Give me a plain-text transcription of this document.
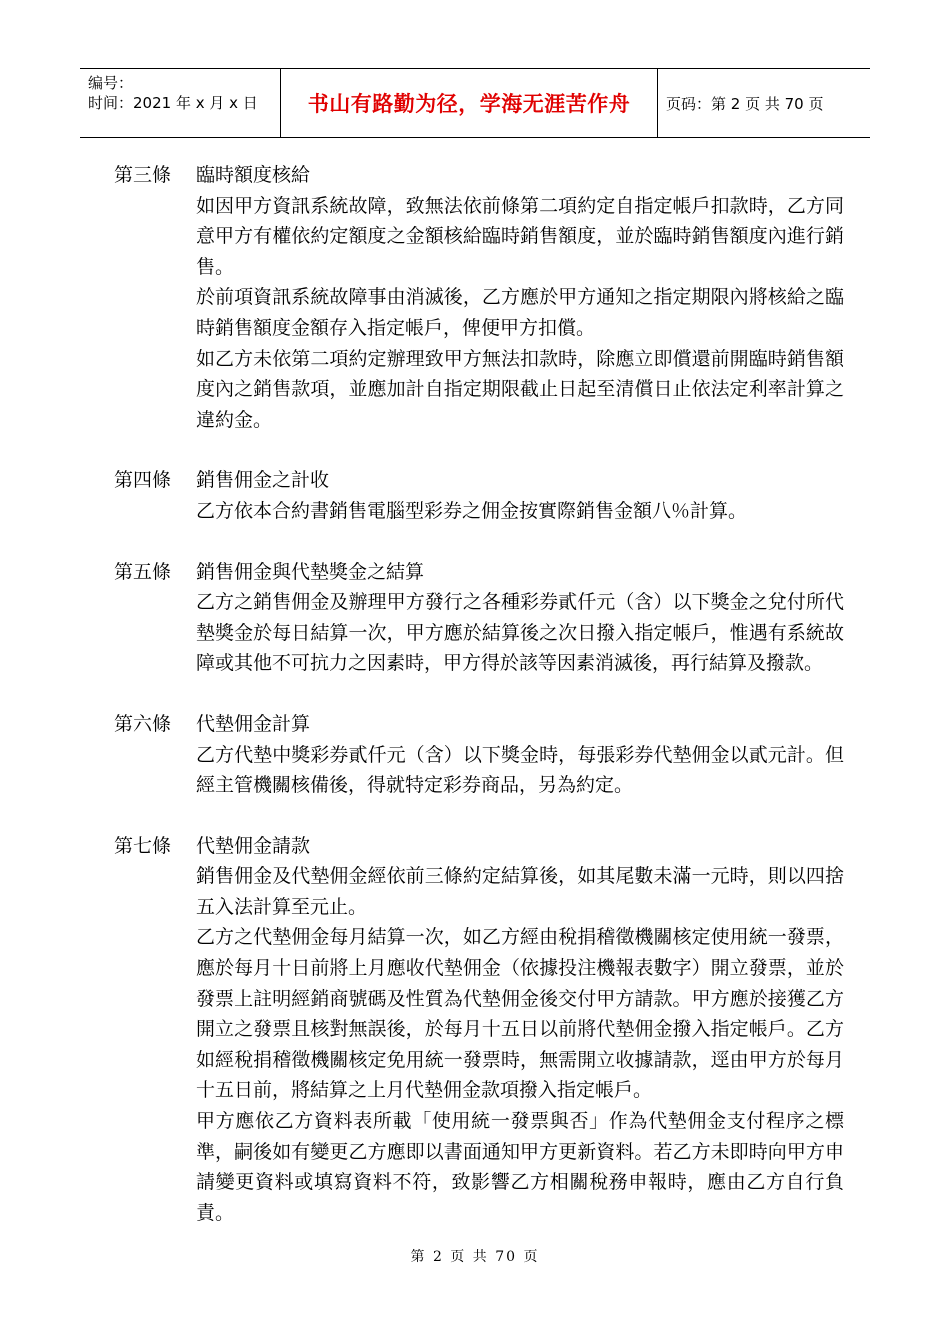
编号：
时间：2021 年 x 月 x 日	书山有路勤为径，学海无涯苦作舟 页码：第 2 页 共 70 页
第三條	臨時額度核給
如因甲方資訊系統故障，致無法依前條第二項約定自指定帳戶扣款時，乙方同意甲方有權依約定額度之金額核給臨時銷售額度，並於臨時銷售額度內進行銷售。
於前項資訊系統故障事由消滅後，乙方應於甲方通知之指定期限內將核給之臨時銷售額度金額存入指定帳戶，俾便甲方扣償。
如乙方未依第二項約定辦理致甲方無法扣款時，除應立即償還前開臨時銷售額度內之銷售款項，並應加計自指定期限截止日起至清償日止依法定利率計算之違約金。
第四條	銷售佣金之計收
乙方依本合約書銷售電腦型彩券之佣金按實際銷售金額八％計算。
第五條	銷售佣金與代墊獎金之結算
乙方之銷售佣金及辦理甲方發行之各種彩券貳仟元（含）以下獎金之兌付所代墊獎金於每日結算一次，甲方應於結算後之次日撥入指定帳戶，惟遇有系統故障或其他不可抗力之因素時，甲方得於該等因素消滅後，再行結算及撥款。
第六條	代墊佣金計算
乙方代墊中獎彩券貳仟元（含）以下獎金時，每張彩券代墊佣金以貳元計。但經主管機關核備後，得就特定彩券商品，另為約定。
第七條	代墊佣金請款
銷售佣金及代墊佣金經依前三條約定結算後，如其尾數未滿一元時，則以四捨五入法計算至元止。
乙方之代墊佣金每月結算一次，如乙方經由稅捐稽徵機關核定使用統一發票，應於每月十日前將上月應收代墊佣金（依據投注機報表數字）開立發票，並於發票上註明經銷商號碼及性質為代墊佣金後交付甲方請款。甲方應於接獲乙方開立之發票且核對無誤後，於每月十五日以前將代墊佣金撥入指定帳戶。乙方如經稅捐稽徵機關核定免用統一發票時，無需開立收據請款，逕由甲方於每月十五日前，將結算之上月代墊佣金款項撥入指定帳戶。
甲方應依乙方資料表所載「使用統一發票與否」作為代墊佣金支付程序之標準，嗣後如有變更乙方應即以書面通知甲方更新資料。若乙方未即時向甲方申請變更資料或填寫資料不符，致影響乙方相關稅務申報時，應由乙方自行負責。
第 2 页 共 70 页
